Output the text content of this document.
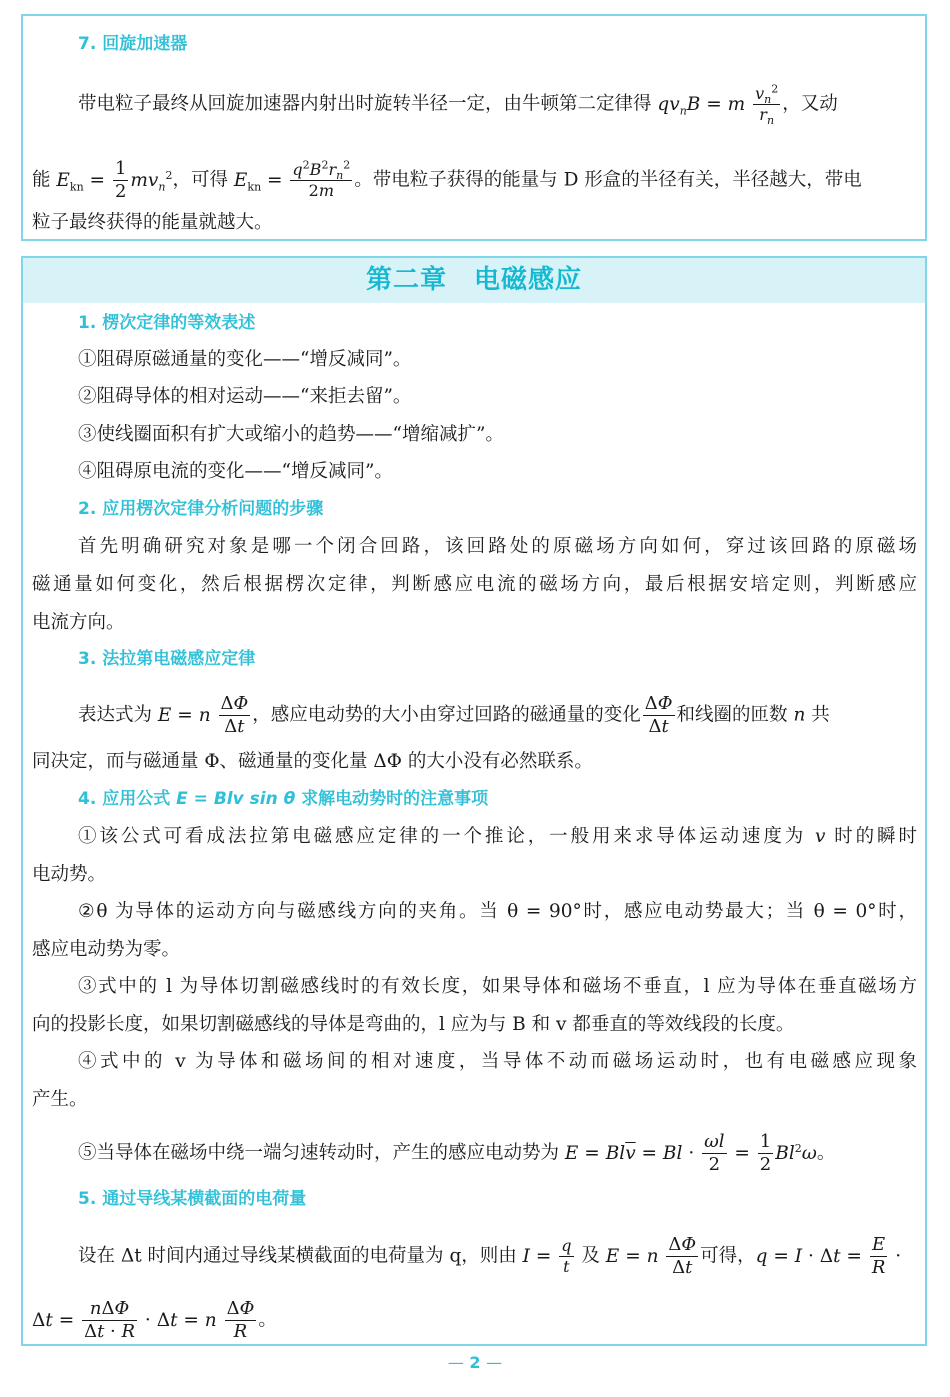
7. 回旋加速器
带电粒子最终从回旋加速器内射出时旋转半径一定，由牛顿第二定律得 $qv_nB = m \frac{v_n^2}{r_n}$ ，又动
能 $E_{kn} = \frac{1}{2} mv_n^2$，可得 $E_{kn} = \frac{q^2B^2r_n^2}{2m}$ 。带电粒子获得的能量与 D 形盒的半径有关，半径越大，带电
粒子最终获得的能量就越大。
第二章　电磁感应
1. 楞次定律的等效表述
①阻碍原磁通量的变化——“增反减同”。
②阻碍导体的相对运动——“来拒去留”。
③使线圈面积有扩大或缩小的趋势——“增缩减扩”。
④阻碍原电流的变化——“增反减同”。
2. 应用楞次定律分析问题的步骤
首先明确研究对象是哪一个闭合回路，该回路处的原磁场方向如何，穿过该回路的原磁场
磁通量如何变化，然后根据楞次定律，判断感应电流的磁场方向，最后根据安培定则，判断感应
电流方向。
3. 法拉第电磁感应定律
表达式为 E = n $\frac{\Delta\Phi}{\Delta t}$ ，感应电动势的大小由穿过回路的磁通量的变化 $\frac{\Delta\Phi}{\Delta t}$ 和线圈的匝数 n 共
同决定，而与磁通量 Φ、磁通量的变化量 ΔΦ 的大小没有必然联系。
4. 应用公式 E = Blv sin θ 求解电动势时的注意事项
①该公式可看成法拉第电磁感应定律的一个推论，一般用来求导体运动速度为 v 时的瞬时
电动势。
②θ 为导体的运动方向与磁感线方向的夹角。当 θ = 90°时，感应电动势最大；当 θ = 0°时，
感应电动势为零。
③式中的 l 为导体切割磁感线时的有效长度，如果导体和磁场不垂直，l 应为导体在垂直磁场方
向的投影长度，如果切割磁感线的导体是弯曲的，l 应为与 B 和 v 都垂直的等效线段的长度。
④式中的 v 为导体和磁场间的相对速度，当导体不动而磁场运动时，也有电磁感应现象
产生。
⑤当导体在磁场中绕一端匀速转动时，产生的感应电动势为 $E = Bl\overline{v} = Bl \cdot \frac{\omega l}{2} = \frac{1}{2} Bl^2\omega$。
5. 通过导线某横截面的电荷量
设在 Δt 时间内通过导线某横截面的电荷量为 q，则由 $I = \frac{q}{t}$ 及 E = n $\frac{\Delta\Phi}{\Delta t}$ 可得，$q = I \cdot \Delta t = \frac{E}{R}$ ·
$\Delta t = \frac{\text{nΔΦ}}{\Delta t \cdot R} \cdot \Delta t = n \frac{\Delta\Phi}{R}$ 。
— 2 —
